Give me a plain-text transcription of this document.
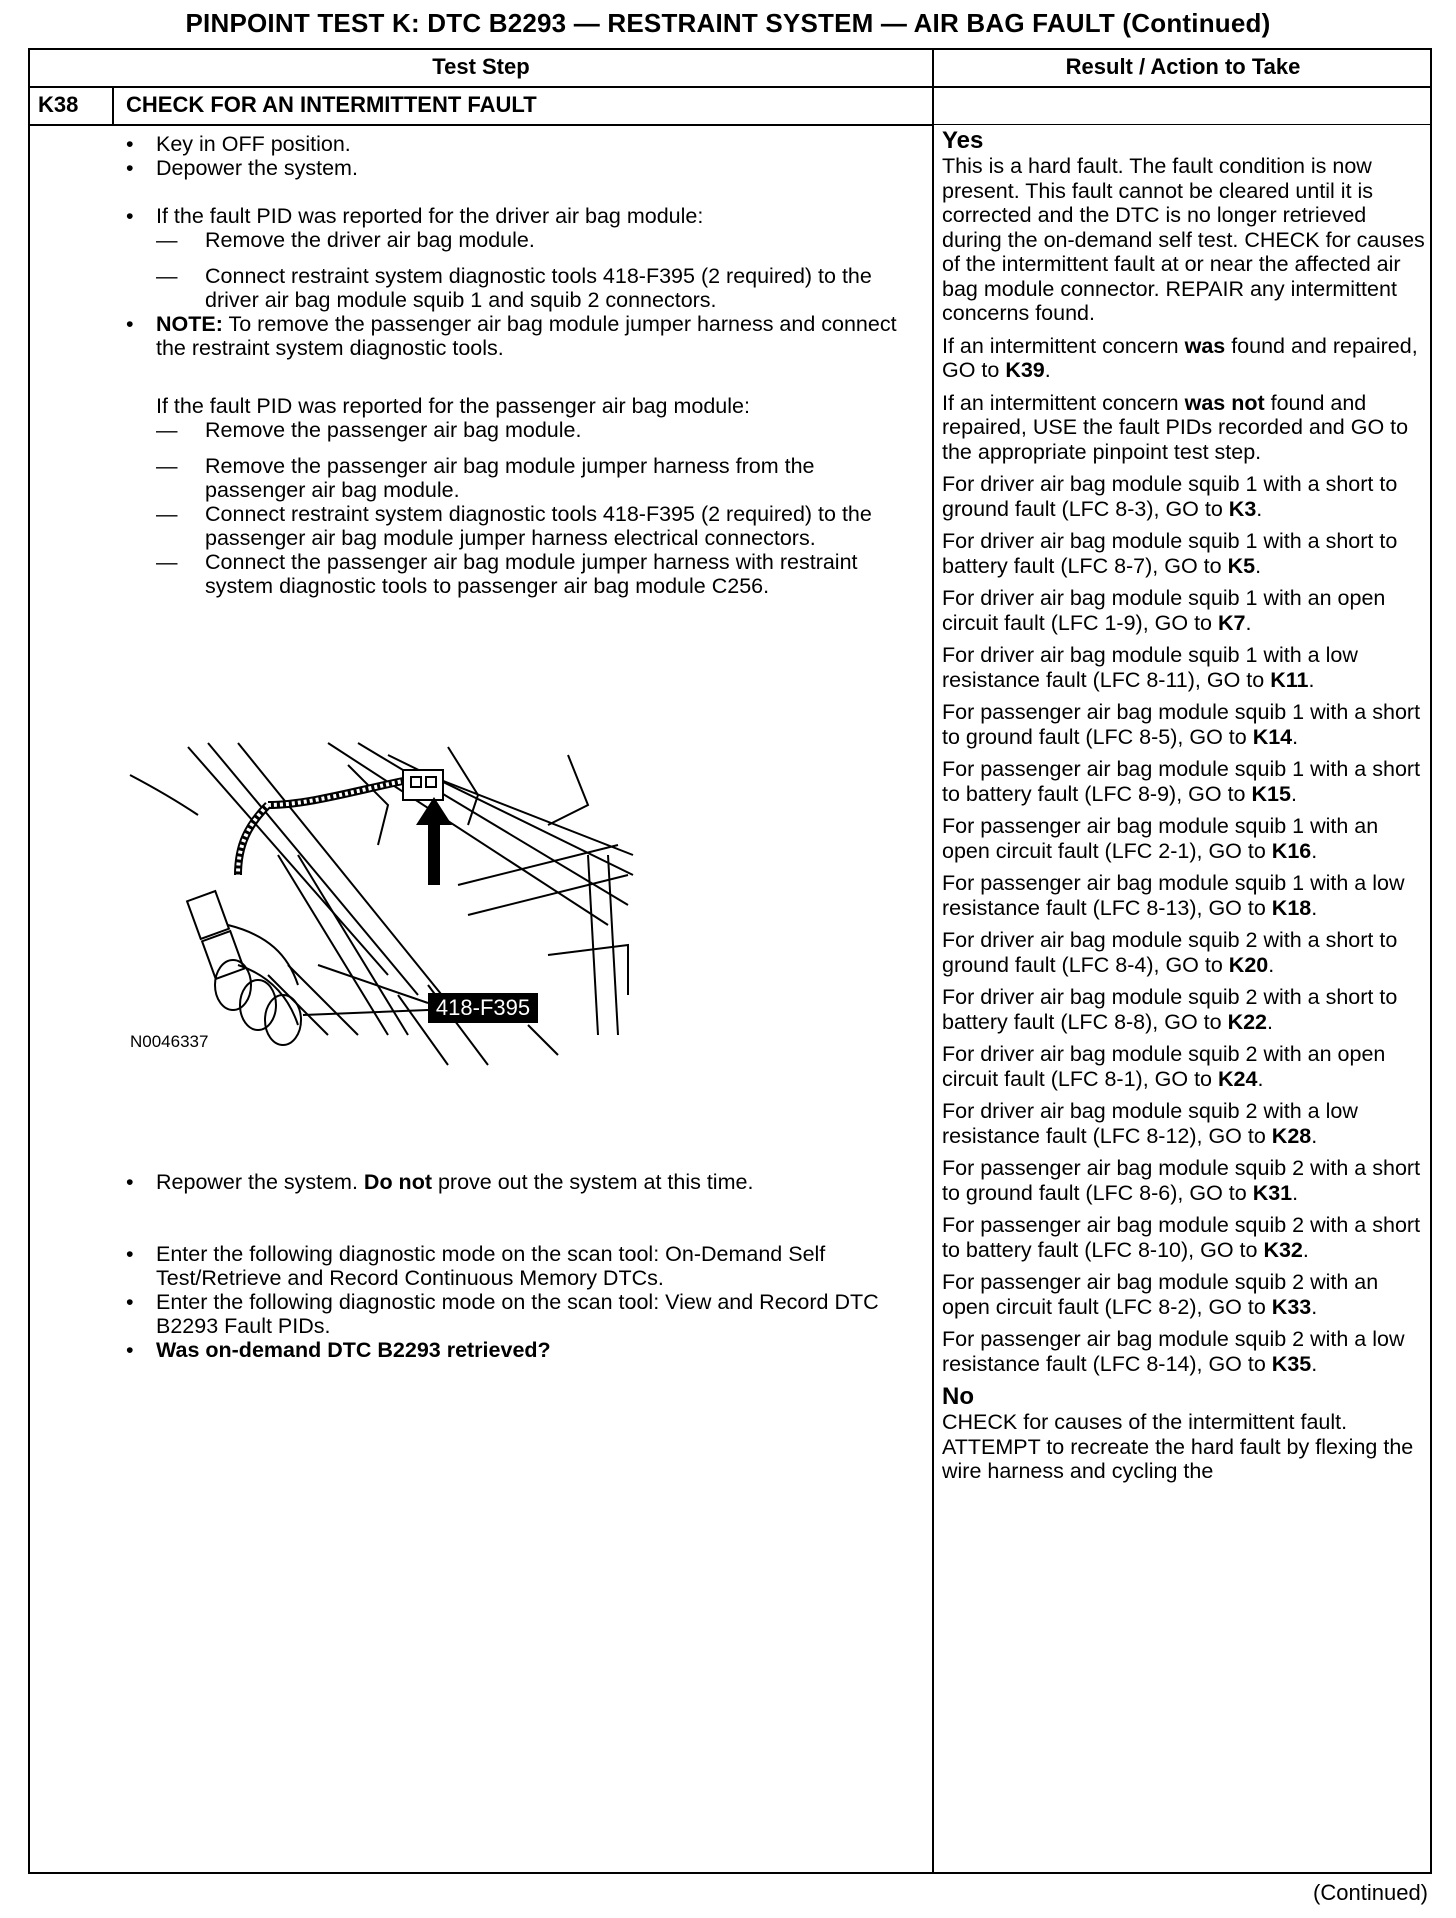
PINPOINT TEST K: DTC B2293 — RESTRAINT SYSTEM — AIR BAG FAULT (Continued)
Test Step	Result / Action to Take
K38 CHECK FOR AN INTERMITTENT FAULT
• Key in OFF position.
• Depower the system.
• If the fault PID was reported for the driver air bag module:
— Remove the driver air bag module.
— Connect restraint system diagnostic tools 418-F395 (2 required) to the driver air bag module squib 1 and squib 2 connectors.
• NOTE: To remove the passenger air bag module jumper harness and connect the restraint system diagnostic tools.
If the fault PID was reported for the passenger air bag module:
— Remove the passenger air bag module.
— Remove the passenger air bag module jumper harness from the passenger air bag module.
— Connect restraint system diagnostic tools 418-F395 (2 required) to the passenger air bag module jumper harness electrical connectors.
— Connect the passenger air bag module jumper harness with restraint system diagnostic tools to passenger air bag module C256.
• Repower the system. Do not prove out the system at this time.
• Enter the following diagnostic mode on the scan tool: On-Demand Self Test/Retrieve and Record Continuous Memory DTCs.
• Enter the following diagnostic mode on the scan tool: View and Record DTC B2293 Fault PIDs.
• Was on-demand DTC B2293 retrieved?
Yes

This is a hard fault. The fault condition is now present. This fault cannot be cleared until it is corrected and the DTC is no longer retrieved during the on-demand self test. CHECK for causes of the intermittent fault at or near the affected air bag module connector. REPAIR any intermittent concerns found.

If an intermittent concern was found and repaired, GO to K39.

If an intermittent concern was not found and repaired, USE the fault PIDs recorded and GO to the appropriate pinpoint test step.

For driver air bag module squib 1 with a short to ground fault (LFC 8-3), GO to K3.

For driver air bag module squib 1 with a short to battery fault (LFC 8-7), GO to K5.

For driver air bag module squib 1 with an open circuit fault (LFC 1-9), GO to K7.

For driver air bag module squib 1 with a low resistance fault (LFC 8-11), GO to K11.

For passenger air bag module squib 1 with a short to ground fault (LFC 8-5), GO to K14.

For passenger air bag module squib 1 with a short to battery fault (LFC 8-9), GO to K15.

For passenger air bag module squib 1 with an open circuit fault (LFC 2-1), GO to K16.

For passenger air bag module squib 1 with a low resistance fault (LFC 8-13), GO to K18.

For driver air bag module squib 2 with a short to ground fault (LFC 8-4), GO to K20.

For driver air bag module squib 2 with a short to battery fault (LFC 8-8), GO to K22.

For driver air bag module squib 2 with an open circuit fault (LFC 8-1), GO to K24.

For driver air bag module squib 2 with a low resistance fault (LFC 8-12), GO to K28.

For passenger air bag module squib 2 with a short to ground fault (LFC 8-6), GO to K31.

For passenger air bag module squib 2 with a short to battery fault (LFC 8-10), GO to K32.

For passenger air bag module squib 2 with an open circuit fault (LFC 8-2), GO to K33.

For passenger air bag module squib 2 with a low resistance fault (LFC 8-14), GO to K35.

No

CHECK for causes of the intermittent fault. ATTEMPT to recreate the hard fault by flexing the wire harness and cycling the

418-F395
N0046337
(Continued)
